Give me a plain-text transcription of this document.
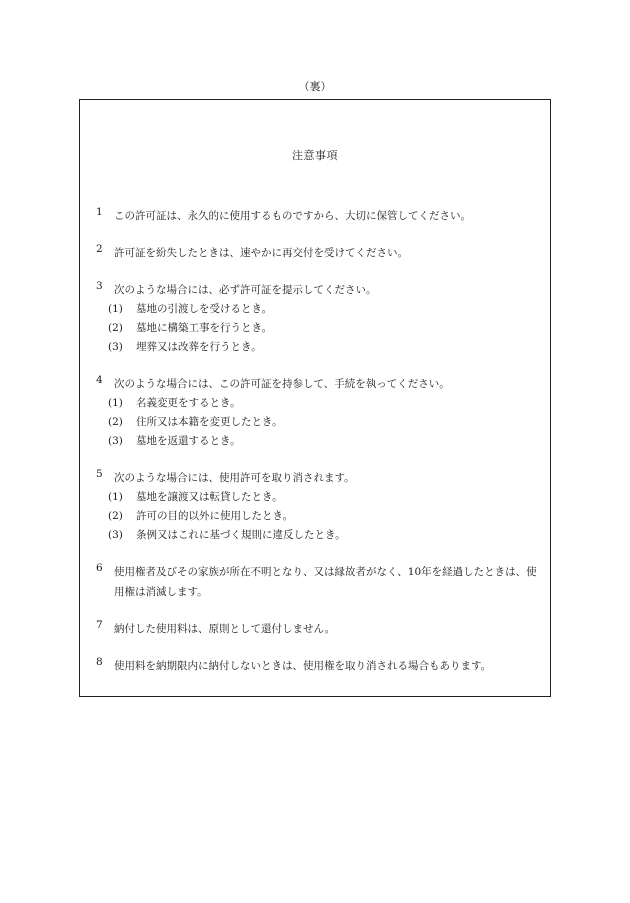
（裏）
注意事項
1 この許可証は、永久的に使用するものですから、大切に保管してください。
2 許可証を紛失したときは、速やかに再交付を受けてください。
3 次のような場合には、必ず許可証を提示してください。
(1) 墓地の引渡しを受けるとき。
(2) 墓地に構築工事を行うとき。
(3) 埋葬又は改葬を行うとき。
4 次のような場合には、この許可証を持参して、手続を執ってください。
(1) 名義変更をするとき。
(2) 住所又は本籍を変更したとき。
(3) 墓地を返還するとき。
5 次のような場合には、使用許可を取り消されます。
(1) 墓地を譲渡又は転貸したとき。
(2) 許可の目的以外に使用したとき。
(3) 条例又はこれに基づく規則に違反したとき。
6 使用権者及びその家族が所在不明となり、又は縁故者がなく、10年を経過したときは、使用権は消滅します。
7 納付した使用料は、原則として還付しません。
8 使用料を納期限内に納付しないときは、使用権を取り消される場合もあります。
